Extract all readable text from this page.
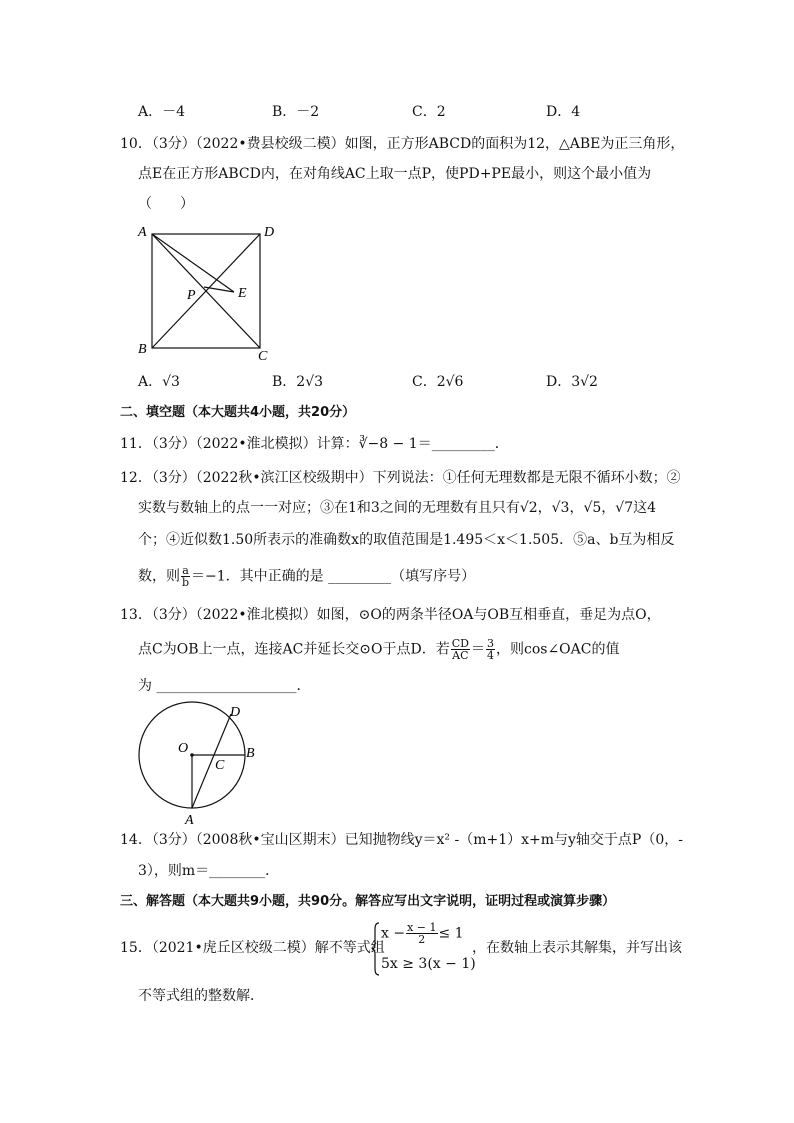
A．－4	B．－2	C．2	D．4
10．（3分）（2022•费县校级二模）如图，正方形ABCD的面积为12，△ABE为正三角形，
点E在正方形ABCD内，在对角线AC上取一点P，使PD+PE最小，则这个最小值为
（　　）
A	D
B	C
P	E
A．√3	B．2√3	C．2√6	D．3√2
二、填空题（本大题共4小题，共20分）
11．（3分）（2022•淮北模拟）计算：∛−8 − 1＝_________．
12．（3分）（2022秋•滨江区校级期中）下列说法：①任何无理数都是无限不循环小数；②
实数与数轴上的点一一对应；③在1和3之间的无理数有且只有√2，√3，√5，√7这4
个；④近似数1.50所表示的准确数x的取值范围是1.495＜x＜1.505．⑤a、b互为相反
数，则 $\frac{a}{b} =-1$．其中正确的是 _________（填写序号）
13．（3分）（2022•淮北模拟）如图，⊙O的两条半径OA与OB互相垂直，垂足为点O，
点C为OB上一点，连接AC并延长交⊙O于点D．若 $\frac{CD}{AC} = \frac{3}{4}$ ，则cos∠OAC的值
为 ____________________．
O	B
C
D
A
14．（3分）（2008秋•宝山区期末）已知抛物线y＝x² -（m+1）x+m与y轴交于点P（0，-
3），则m＝________．
三、解答题（本大题共9小题，共90分。解答应写出文字说明，证明过程或演算步骤）
15．（2021•虎丘区校级二模）解不等式组
$x - \frac{x - 1}{2} \le 1$
5x ≥ 3(x − 1)
，在数轴上表示其解集，并写出该
不等式组的整数解．
